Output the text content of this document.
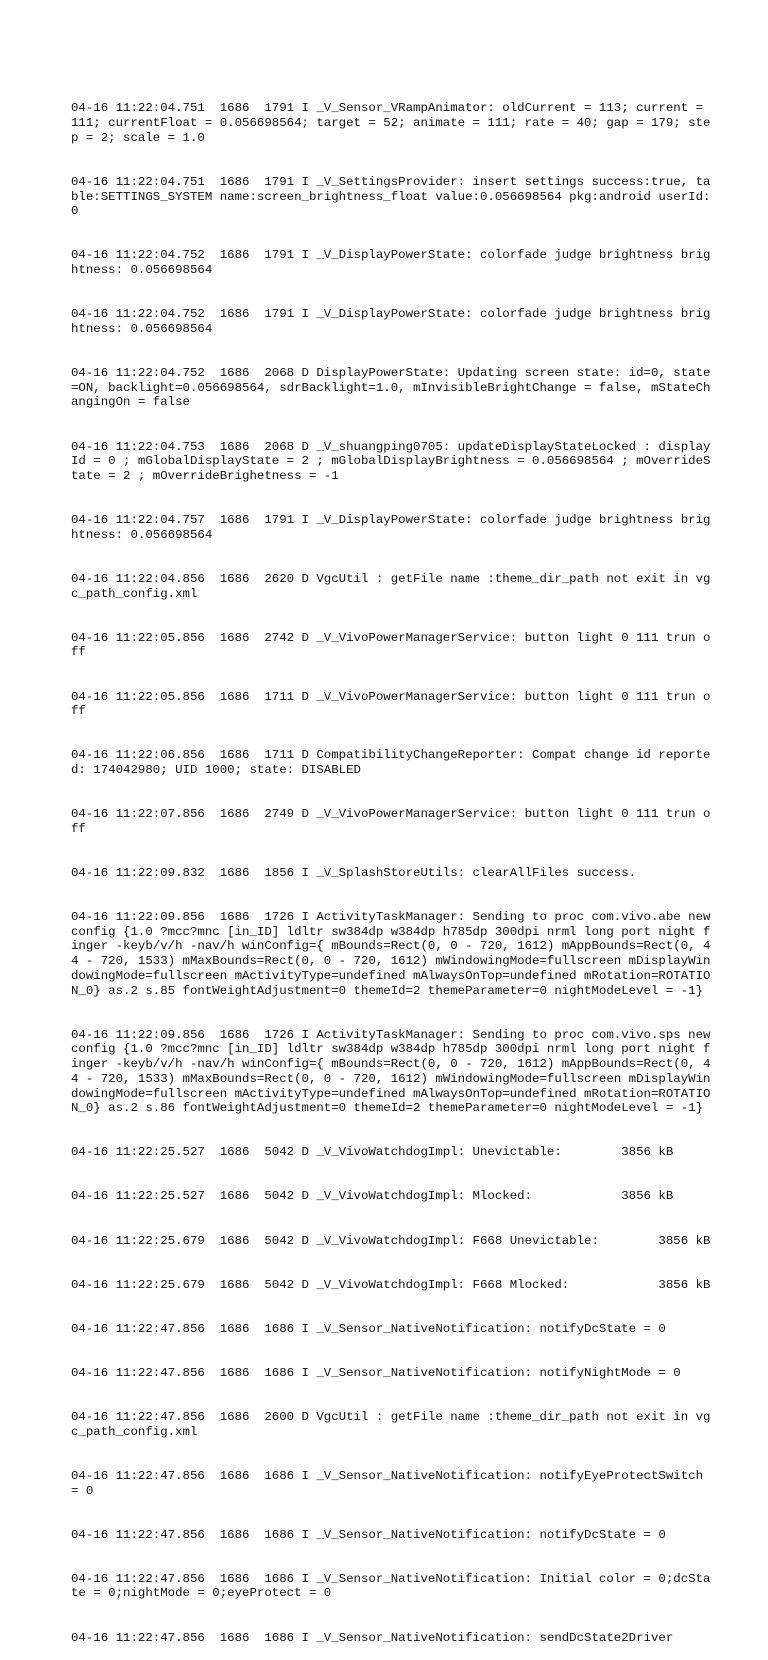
04-16 11:22:04.751  1686  1791 I _V_Sensor_VRampAnimator: oldCurrent = 113; current = 111; currentFloat = 0.056698564; target = 52; animate = 111; rate = 40; gap = 179; step = 2; scale = 1.0

04-16 11:22:04.751  1686  1791 I _V_SettingsProvider: insert settings success:true, table:SETTINGS_SYSTEM name:screen_brightness_float value:0.056698564 pkg:android userId:0

04-16 11:22:04.752  1686  1791 I _V_DisplayPowerState: colorfade judge brightness brightness: 0.056698564

04-16 11:22:04.752  1686  1791 I _V_DisplayPowerState: colorfade judge brightness brightness: 0.056698564

04-16 11:22:04.752  1686  2068 D DisplayPowerState: Updating screen state: id=0, state=ON, backlight=0.056698564, sdrBacklight=1.0, mInvisibleBrightChange = false, mStateChangingOn = false

04-16 11:22:04.753  1686  2068 D _V_shuangping0705: updateDisplayStateLocked : displayId = 0 ; mGlobalDisplayState = 2 ; mGlobalDisplayBrightness = 0.056698564 ; mOverrideState = 2 ; mOverrideBrighetness = -1

04-16 11:22:04.757  1686  1791 I _V_DisplayPowerState: colorfade judge brightness brightness: 0.056698564

04-16 11:22:04.856  1686  2620 D VgcUtil : getFile name :theme_dir_path not exit in vgc_path_config.xml

04-16 11:22:05.856  1686  2742 D _V_VivoPowerManagerService: button light 0 111 trun off

04-16 11:22:05.856  1686  1711 D _V_VivoPowerManagerService: button light 0 111 trun off

04-16 11:22:06.856  1686  1711 D CompatibilityChangeReporter: Compat change id reported: 174042980; UID 1000; state: DISABLED

04-16 11:22:07.856  1686  2749 D _V_VivoPowerManagerService: button light 0 111 trun off

04-16 11:22:09.832  1686  1856 I _V_SplashStoreUtils: clearAllFiles success.

04-16 11:22:09.856  1686  1726 I ActivityTaskManager: Sending to proc com.vivo.abe new config {1.0 ?mcc?mnc [in_ID] ldltr sw384dp w384dp h785dp 300dpi nrml long port night finger -keyb/v/h -nav/h winConfig={ mBounds=Rect(0, 0 - 720, 1612) mAppBounds=Rect(0, 44 - 720, 1533) mMaxBounds=Rect(0, 0 - 720, 1612) mWindowingMode=fullscreen mDisplayWindowingMode=fullscreen mActivityType=undefined mAlwaysOnTop=undefined mRotation=ROTATION_0} as.2 s.85 fontWeightAdjustment=0 themeId=2 themeParameter=0 nightModeLevel = -1}

04-16 11:22:09.856  1686  1726 I ActivityTaskManager: Sending to proc com.vivo.sps new config {1.0 ?mcc?mnc [in_ID] ldltr sw384dp w384dp h785dp 300dpi nrml long port night finger -keyb/v/h -nav/h winConfig={ mBounds=Rect(0, 0 - 720, 1612) mAppBounds=Rect(0, 44 - 720, 1533) mMaxBounds=Rect(0, 0 - 720, 1612) mWindowingMode=fullscreen mDisplayWindowingMode=fullscreen mActivityType=undefined mAlwaysOnTop=undefined mRotation=ROTATION_0} as.2 s.86 fontWeightAdjustment=0 themeId=2 themeParameter=0 nightModeLevel = -1}

04-16 11:22:25.527  1686  5042 D _V_VivoWatchdogImpl: Unevictable:        3856 kB

04-16 11:22:25.527  1686  5042 D _V_VivoWatchdogImpl: Mlocked:            3856 kB

04-16 11:22:25.679  1686  5042 D _V_VivoWatchdogImpl: F668 Unevictable:        3856 kB

04-16 11:22:25.679  1686  5042 D _V_VivoWatchdogImpl: F668 Mlocked:            3856 kB

04-16 11:22:47.856  1686  1686 I _V_Sensor_NativeNotification: notifyDcState = 0

04-16 11:22:47.856  1686  1686 I _V_Sensor_NativeNotification: notifyNightMode = 0

04-16 11:22:47.856  1686  2600 D VgcUtil : getFile name :theme_dir_path not exit in vgc_path_config.xml

04-16 11:22:47.856  1686  1686 I _V_Sensor_NativeNotification: notifyEyeProtectSwitch = 0

04-16 11:22:47.856  1686  1686 I _V_Sensor_NativeNotification: notifyDcState = 0

04-16 11:22:47.856  1686  1686 I _V_Sensor_NativeNotification: Initial color = 0;dcState = 0;nightMode = 0;eyeProtect = 0

04-16 11:22:47.856  1686  1686 I _V_Sensor_NativeNotification: sendDcState2Driver
